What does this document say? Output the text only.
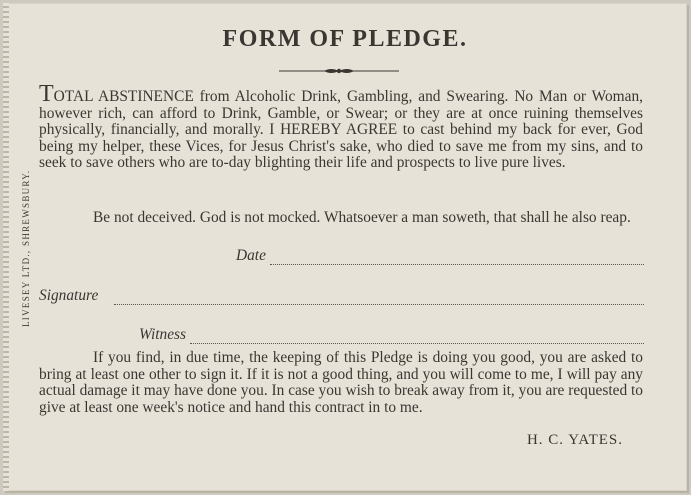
FORM OF PLEDGE.
LIVESEY LTD., SHREWSBURY.
TOTAL ABSTINENCE from Alcoholic Drink, Gambling, and Swearing. No Man or Woman, however rich, can afford to Drink, Gamble, or Swear; or they are at once ruining themselves physically, financially, and morally. I HEREBY AGREE to cast behind my back for ever, God being my helper, these Vices, for Jesus Christ's sake, who died to save me from my sins, and to seek to save others who are to-day blighting their life and prospects to live pure lives.
Be not deceived. God is not mocked. Whatsoever a man soweth, that shall he also reap.
Date
Signature
Witness
If you find, in due time, the keeping of this Pledge is doing you good, you are asked to bring at least one other to sign it. If it is not a good thing, and you will come to me, I will pay any actual damage it may have done you. In case you wish to break away from it, you are requested to give at least one week's notice and hand this contract in to me.
H. C. YATES.
